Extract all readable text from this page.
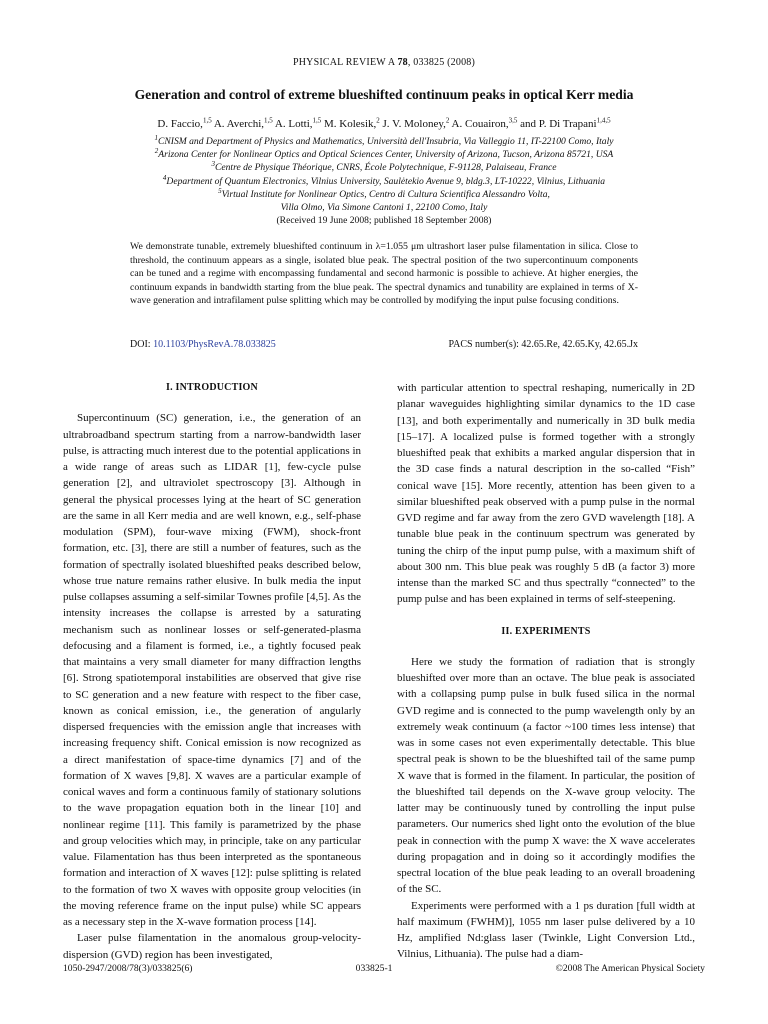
PHYSICAL REVIEW A 78, 033825 (2008)
Generation and control of extreme blueshifted continuum peaks in optical Kerr media
D. Faccio,$^{1,5}$ A. Averchi,$^{1,5}$ A. Lotti,$^{1,5}$ M. Kolesik,$^2$ J. V. Moloney,$^2$ A. Couairon,$^{3,5}$ and P. Di Trapani$^{1,4,5}$
$^1$CNISM and Department of Physics and Mathematics, Università dell'Insubria, Via Valleggio 11, IT-22100 Como, Italy
$^2$Arizona Center for Nonlinear Optics and Optical Sciences Center, University of Arizona, Tucson, Arizona 85721, USA
$^3$Centre de Physique Théorique, CNRS, École Polytechnique, F-91128, Palaiseau, France
$^4$Department of Quantum Electronics, Vilnius University, Saulėtekio Avenue 9, bldg.3, LT-10222, Vilnius, Lithuania
$^5$Virtual Institute for Nonlinear Optics, Centro di Cultura Scientifica Alessandro Volta,
Villa Olmo, Via Simone Cantoni 1, 22100 Como, Italy
(Received 19 June 2008; published 18 September 2008)
We demonstrate tunable, extremely blueshifted continuum in λ=1.055 μm ultrashort laser pulse filamentation in silica. Close to threshold, the continuum appears as a single, isolated blue peak. The spectral position of the two supercontinuum components can be tuned and a regime with encompassing fundamental and second harmonic is possible to achieve. At higher energies, the continuum expands in bandwidth starting from the blue peak. The spectral dynamics and tunability are explained in terms of X-wave generation and intrafilament pulse splitting which may be controlled by modifying the input pulse focusing conditions.
DOI: 10.1103/PhysRevA.78.033825	PACS number(s): 42.65.Re, 42.65.Ky, 42.65.Jx
I. INTRODUCTION

Supercontinuum (SC) generation, i.e., the generation of an ultrabroadband spectrum starting from a narrow-bandwidth laser pulse, is attracting much interest due to the potential applications in a wide range of areas such as LIDAR [1], few-cycle pulse generation [2], and ultraviolet spectroscopy [3]. Although in general the physical processes lying at the heart of SC generation are the same in all Kerr media and are well known, e.g., self-phase modulation (SPM), four-wave mixing (FWM), shock-front formation, etc. [3], there are still a number of features, such as the formation of spectrally isolated blueshifted peaks described below, whose true nature remains rather elusive. In bulk media the input pulse collapses assuming a self-similar Townes profile [4,5]. As the intensity increases the collapse is arrested by a saturating mechanism such as nonlinear losses or self-generated-plasma defocusing and a filament is formed, i.e., a tightly focused peak that maintains a very small diameter for many diffraction lengths [6]. Strong spatiotemporal instabilities are observed that give rise to SC generation and a new feature with respect to the fiber case, known as conical emission, i.e., the generation of angularly dispersed frequencies with the emission angle that increases with increasing frequency shift. Conical emission is now recognized as a direct manifestation of space-time dynamics [7] and of the formation of X waves [9,8]. X waves are a particular example of conical waves and form a continuous family of stationary solutions to the wave propagation equation both in the linear [10] and nonlinear regime [11]. This family is parametrized by the phase and group velocities which may, in principle, take on any particular value. Filamentation has thus been interpreted as the spontaneous formation and interaction of X waves [12]: pulse splitting is related to the formation of two X waves with opposite group velocities (in the moving reference frame on the input pulse) while SC appears as a necessary step in the X-wave formation process [14].

Laser pulse filamentation in the anomalous group-velocity-dispersion (GVD) region has been investigated,

with particular attention to spectral reshaping, numerically in 2D planar waveguides highlighting similar dynamics to the 1D case [13], and both experimentally and numerically in 3D bulk media [15–17]. A localized pulse is formed together with a strongly blueshifted peak that exhibits a marked angular dispersion that in the 3D case finds a natural description in the so-called “Fish” conical wave [15]. More recently, attention has been given to a similar blueshifted peak observed with a pump pulse in the normal GVD regime and far away from the zero GVD wavelength [18]. A tunable blue peak in the continuum spectrum was generated by tuning the chirp of the input pump pulse, with a maximum shift of about 300 nm. This blue peak was roughly 5 dB (a factor 3) more intense than the marked SC and thus spectrally “connected” to the pump pulse and has been explained in terms of self-steepening.

II. EXPERIMENTS

Here we study the formation of radiation that is strongly blueshifted over more than an octave. The blue peak is associated with a collapsing pump pulse in bulk fused silica in the normal GVD regime and is connected to the pump wavelength only by an extremely weak continuum (a factor ~100 times less intense) that was in some cases not even experimentally detectable. This blue spectral peak is shown to be the blueshifted tail of the same pump X wave that is formed in the filament. In particular, the position of the blueshifted tail depends on the X-wave group velocity. The latter may be continuously tuned by controlling the input pulse parameters. Our numerics shed light onto the evolution of the blue peak in connection with the pump X wave: the X wave accelerates during propagation and in doing so it accordingly modifies the spectral location of the blue peak leading to an overall broadening of the SC.

Experiments were performed with a 1 ps duration [full width at half maximum (FWHM)], 1055 nm laser pulse delivered by a 10 Hz, amplified Nd:glass laser (Twinkle, Light Conversion Ltd., Vilnius, Lithuania). The pulse had a diam-

1050-2947/2008/78(3)/033825(6)	033825-1	©2008 The American Physical Society
